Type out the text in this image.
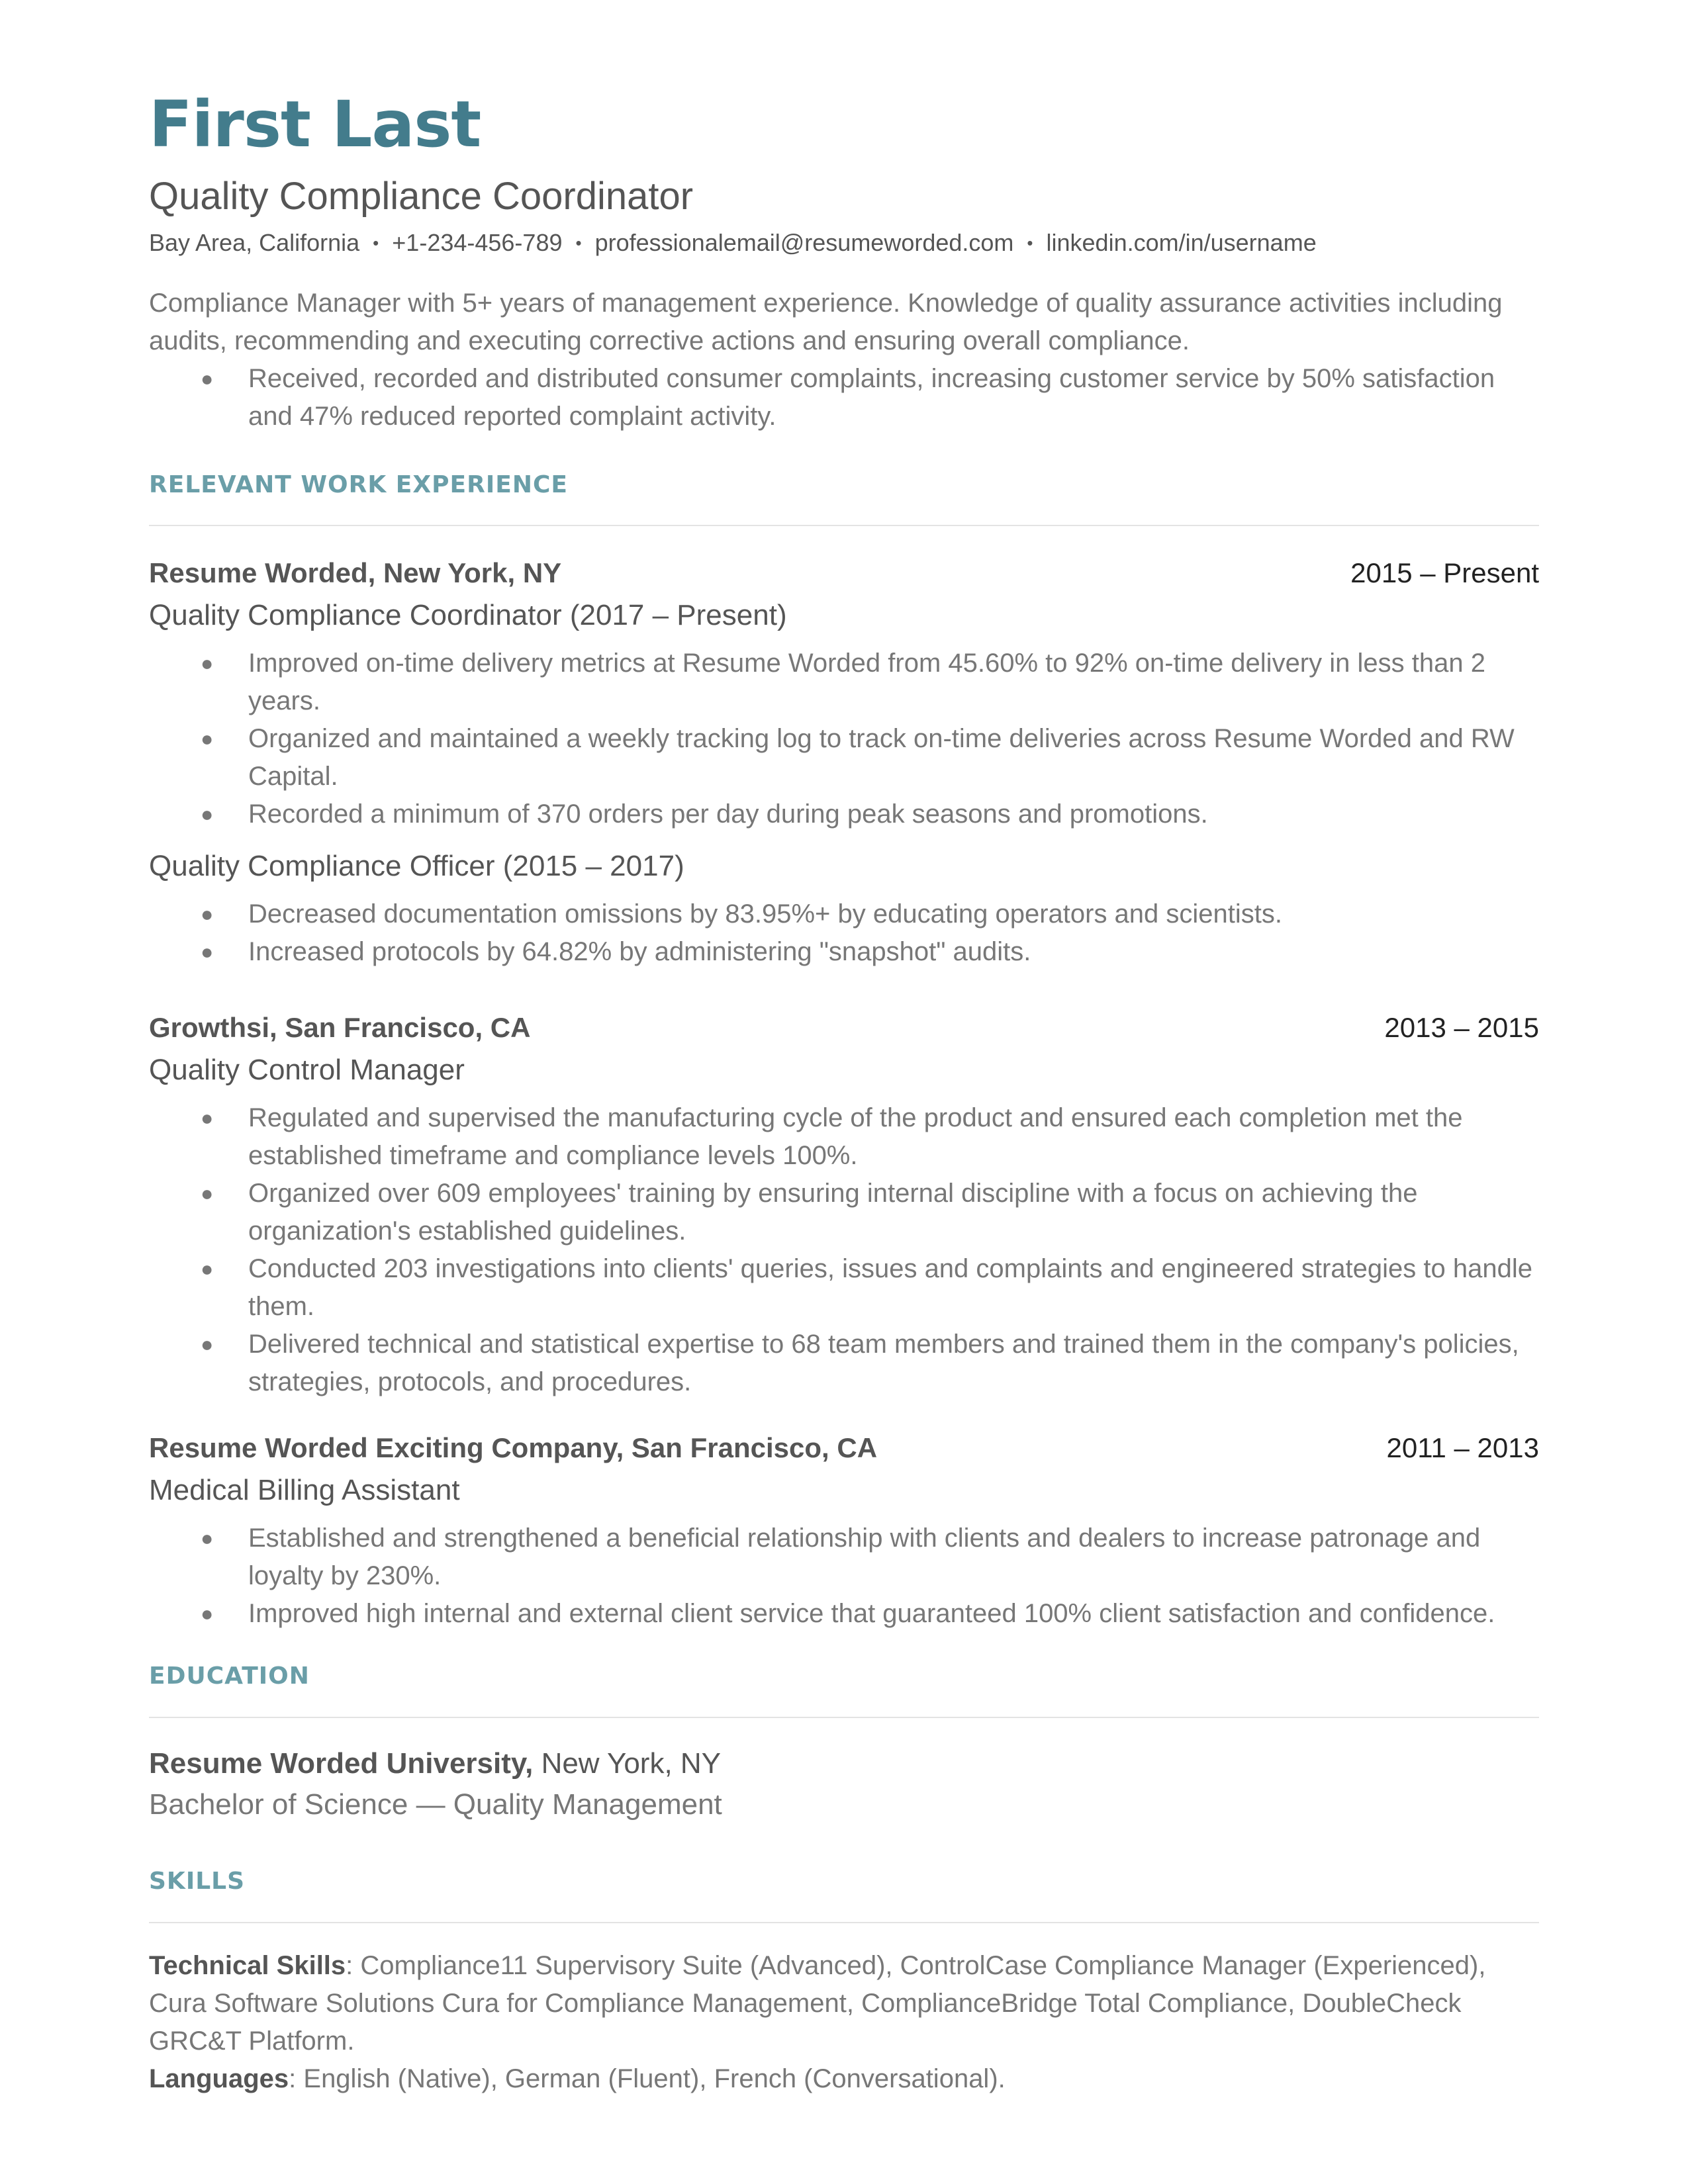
First Last
Quality Compliance Coordinator
Bay Area, California • +1-234-456-789 • professionalemail@resumeworded.com • linkedin.com/in/username
Compliance Manager with 5+ years of management experience. Knowledge of quality assurance activities including audits, recommending and executing corrective actions and ensuring overall compliance.
● Received, recorded and distributed consumer complaints, increasing customer service by 50% satisfaction and 47% reduced reported complaint activity.
RELEVANT WORK EXPERIENCE
Resume Worded, New York, NY	2015 – Present
Quality Compliance Coordinator (2017 – Present)
● Improved on-time delivery metrics at Resume Worded from 45.60% to 92% on-time delivery in less than 2 years.
● Organized and maintained a weekly tracking log to track on-time deliveries across Resume Worded and RW Capital.
● Recorded a minimum of 370 orders per day during peak seasons and promotions.
Quality Compliance Officer (2015 – 2017)
● Decreased documentation omissions by 83.95%+ by educating operators and scientists.
● Increased protocols by 64.82% by administering "snapshot" audits.
Growthsi, San Francisco, CA	2013 – 2015
Quality Control Manager
● Regulated and supervised the manufacturing cycle of the product and ensured each completion met the established timeframe and compliance levels 100%.
● Organized over 609 employees' training by ensuring internal discipline with a focus on achieving the organization's established guidelines.
● Conducted 203 investigations into clients' queries, issues and complaints and engineered strategies to handle them.
● Delivered technical and statistical expertise to 68 team members and trained them in the company's policies, strategies, protocols, and procedures.
Resume Worded Exciting Company, San Francisco, CA	2011 – 2013
Medical Billing Assistant
● Established and strengthened a beneficial relationship with clients and dealers to increase patronage and loyalty by 230%.
● Improved high internal and external client service that guaranteed 100% client satisfaction and confidence.
EDUCATION
Resume Worded University, New York, NY
Bachelor of Science — Quality Management
SKILLS
Technical Skills: Compliance11 Supervisory Suite (Advanced), ControlCase Compliance Manager (Experienced), Cura Software Solutions Cura for Compliance Management, ComplianceBridge Total Compliance, DoubleCheck GRC&T Platform.
Languages: English (Native), German (Fluent), French (Conversational).
